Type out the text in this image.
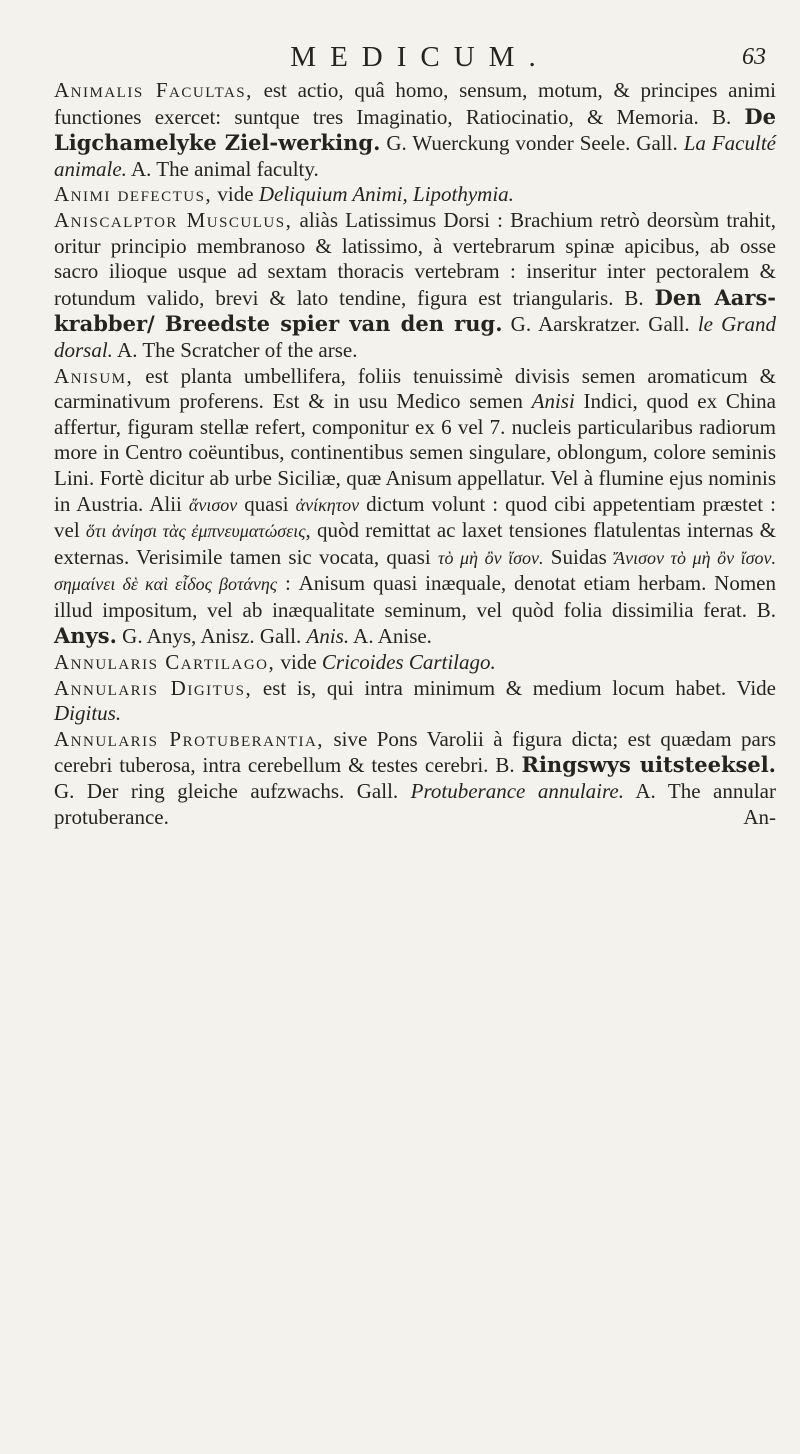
MEDICUM.	63

Animalis Facultas, est actio, quâ homo, sensum, motum, & principes animi functiones exercet: suntque tres Imaginatio, Ratiocinatio, & Memoria. B. De Ligchamelyke Ziel-werking. G. Wuerckung vonder Seele. Gall. La Faculté animale. A. The animal faculty.

Animi defectus, vide Deliquium Animi, Lipothymia.

Aniscalptor Musculus, aliàs Latissimus Dorsi : Brachium retrò deorsùm trahit, oritur principio membranoso & latissimo, à vertebrarum spinæ apicibus, ab osse sacro ilioque usque ad sextam thoracis vertebram : inseritur inter pectoralem & rotundum valido, brevi & lato tendine, figura est triangularis. B. Den Aars-krabber/ Breedste spier van den rug. G. Aarskratzer. Gall. le Grand dorsal. A. The Scratcher of the arse.

Anisum, est planta umbellifera, foliis tenuissimè divisis semen aromaticum & carminativum proferens. Est & in usu Medico semen Anisi Indici, quod ex China affertur, figuram stellæ refert, componitur ex 6 vel 7. nucleis particularibus radiorum more in Centro coëuntibus, continentibus semen singulare, oblongum, colore seminis Lini. Fortè dicitur ab urbe Siciliæ, quæ Anisum appellatur. Vel à flumine ejus nominis in Austria. Alii ἄνισον quasi ἀνίκητον dictum volunt : quod cibi appetentiam præstet : vel ὅτι ἀνίησι τὰς ἐμπνευματώσεις, quòd remittat ac laxet tensiones flatulentas internas & externas. Verisimile tamen sic vocata, quasi τὸ μὴ ὂν ἴσον. Suidas Ἄνισον τὸ μὴ ὂν ἴσον. σημαίνει δὲ καὶ εἶδος βοτάνης : Anisum quasi inæquale, denotat etiam herbam. Nomen illud impositum, vel ab inæqualitate seminum, vel quòd folia dissimilia ferat. B. Anys. G. Anys, Anisz. Gall. Anis. A. Anise.

Annularis Cartilago, vide Cricoides Cartilago.

Annularis Digitus, est is, qui intra minimum & medium locum habet. Vide Digitus.

Annularis Protuberantia, sive Pons Varolii à figura dicta; est quædam pars cerebri tuberosa, intra cerebellum & testes cerebri. B. Ringswys uitsteeksel. G. Der ring gleiche aufzwachs. Gall. Protuberance annulaire. A. The annular protuberance.	An-
